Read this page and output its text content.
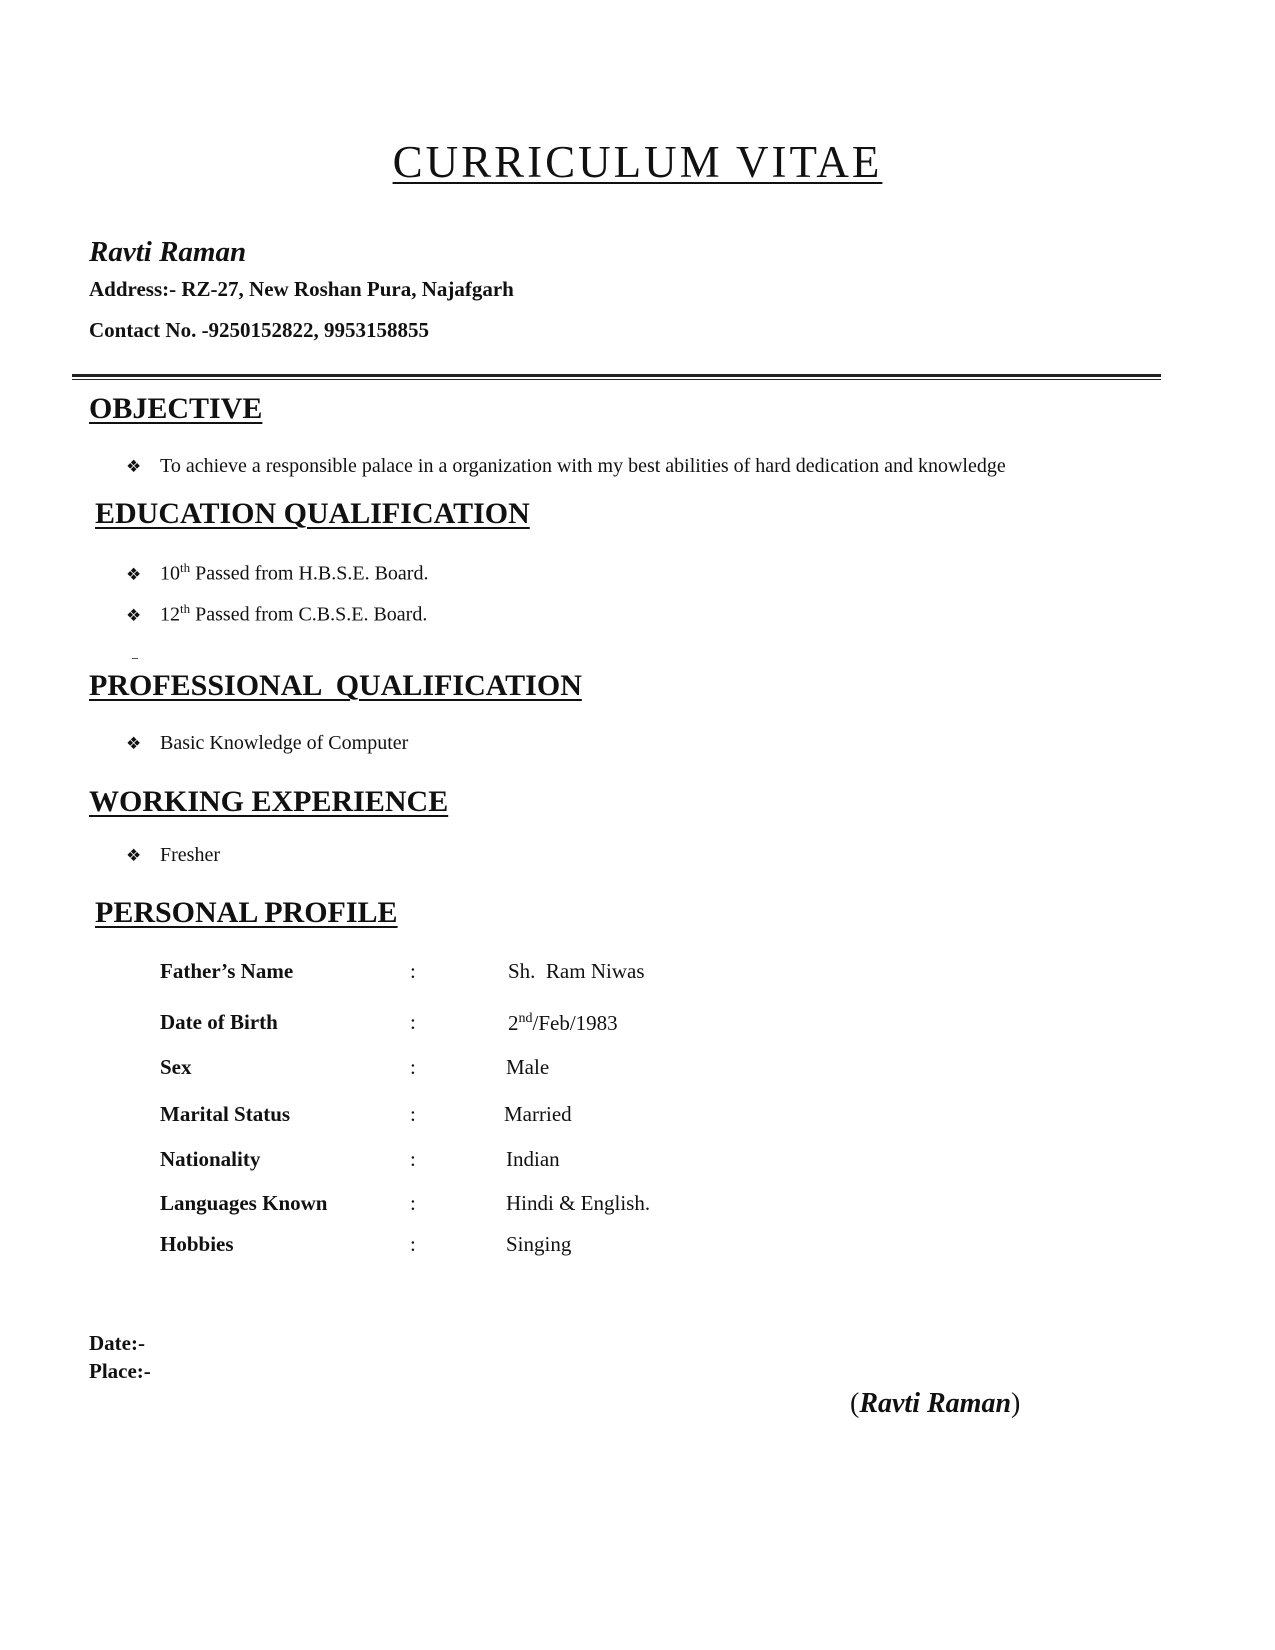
CURRICULUM VITAE
Ravti Raman
Address:- RZ-27, New Roshan Pura, Najafgarh
Contact No. -9250152822, 9953158855
OBJECTIVE
❖ To achieve a responsible palace in a organization with my best abilities of hard dedication and knowledge
EDUCATION QUALIFICATION
❖ 10th Passed from H.B.S.E. Board.
❖ 12th Passed from C.B.S.E. Board.
PROFESSIONAL  QUALIFICATION
❖ Basic Knowledge of Computer
WORKING EXPERIENCE
❖ Fresher
PERSONAL PROFILE
Father’s Name	:	Sh.  Ram Niwas
Date of Birth	:	2nd/Feb/1983
Sex	:	Male
Marital Status	:	Married
Nationality	:	Indian
Languages Known	:	Hindi & English.
Hobbies	:	Singing
Date:-
Place:-
(Ravti Raman)
